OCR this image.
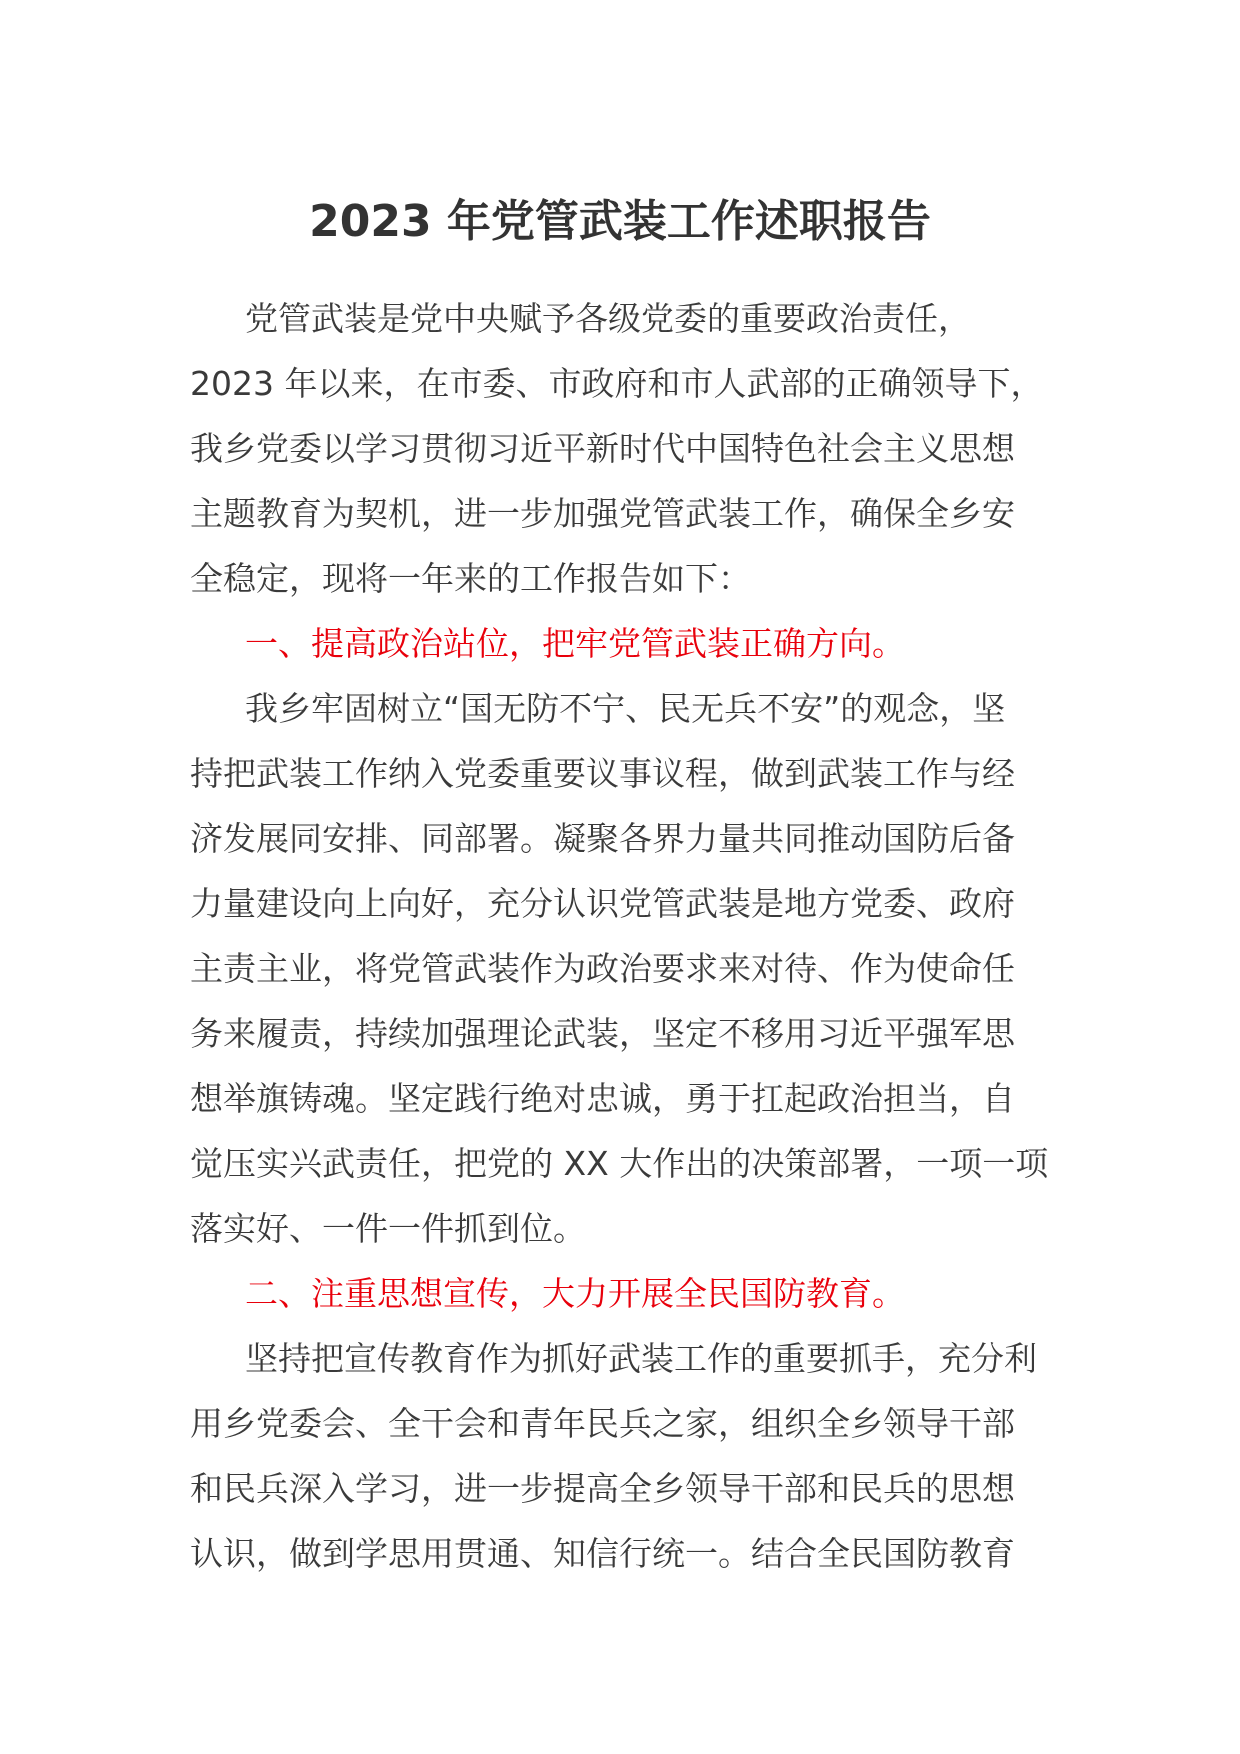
2023 年党管武装工作述职报告
党管武装是党中央赋予各级党委的重要政治责任，
2023 年以来，在市委、市政府和市人武部的正确领导下，
我乡党委以学习贯彻习近平新时代中国特色社会主义思想
主题教育为契机，进一步加强党管武装工作，确保全乡安
全稳定，现将一年来的工作报告如下：
一、提高政治站位，把牢党管武装正确方向。
我乡牢固树立“国无防不宁、民无兵不安”的观念，坚
持把武装工作纳入党委重要议事议程，做到武装工作与经
济发展同安排、同部署。凝聚各界力量共同推动国防后备
力量建设向上向好，充分认识党管武装是地方党委、政府
主责主业，将党管武装作为政治要求来对待、作为使命任
务来履责，持续加强理论武装，坚定不移用习近平强军思
想举旗铸魂。坚定践行绝对忠诚，勇于扛起政治担当，自
觉压实兴武责任，把党的 XX 大作出的决策部署，一项一项
落实好、一件一件抓到位。
二、注重思想宣传，大力开展全民国防教育。
坚持把宣传教育作为抓好武装工作的重要抓手，充分利
用乡党委会、全干会和青年民兵之家，组织全乡领导干部
和民兵深入学习，进一步提高全乡领导干部和民兵的思想
认识，做到学思用贯通、知信行统一。结合全民国防教育
